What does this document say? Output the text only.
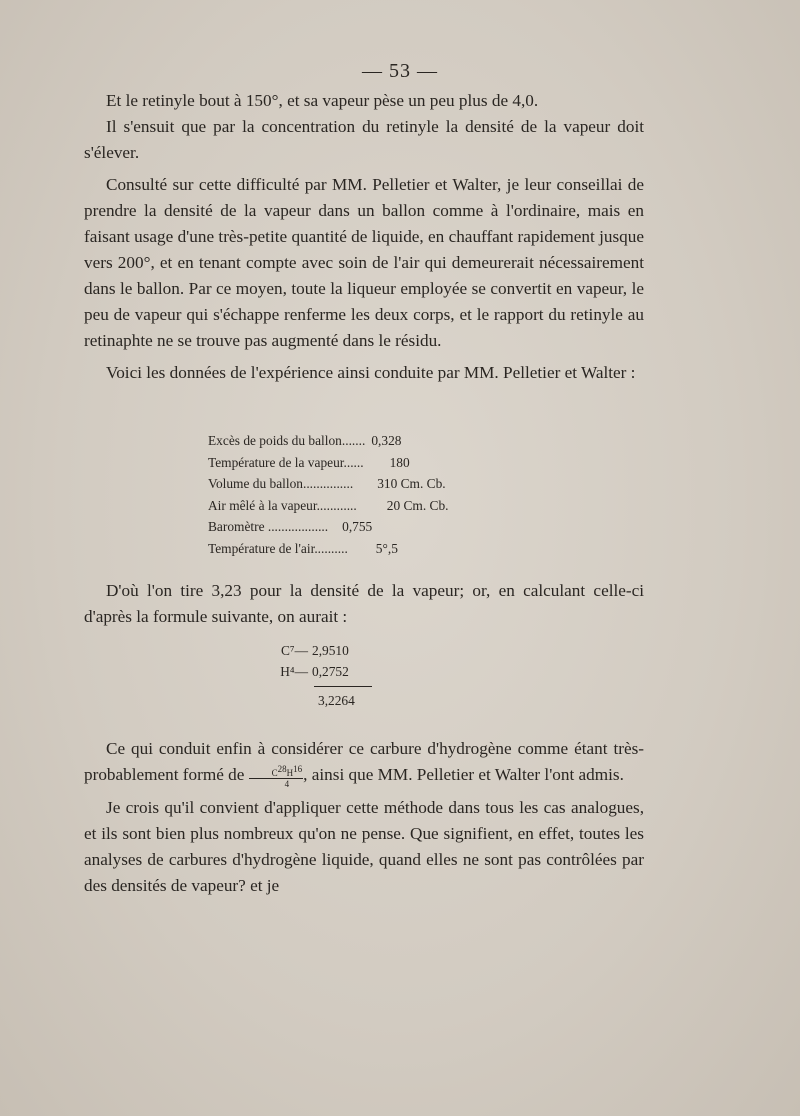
— 53 —

Et le retinyle bout à 150°, et sa vapeur pèse un peu plus de 4,0.

Il s'ensuit que par la concentration du retinyle la densité de la vapeur doit s'élever.

Consulté sur cette difficulté par MM. Pelletier et Walter, je leur conseillai de prendre la densité de la vapeur dans un ballon comme à l'ordinaire, mais en faisant usage d'une très-petite quantité de liquide, en chauffant rapidement jusque vers 200°, et en tenant compte avec soin de l'air qui demeurerait nécessairement dans le ballon. Par ce moyen, toute la liqueur employée se convertit en vapeur, le peu de vapeur qui s'échappe renferme les deux corps, et le rapport du retinyle au retinaphte ne se trouve pas augmenté dans le résidu.

Voici les données de l'expérience ainsi conduite par MM. Pelletier et Walter :

Excès de poids du ballon....... 0,328
Température de la vapeur...... 180
Volume du ballon............... 310 Cm. Cb.
Air mêlé à la vapeur............ 20 Cm. Cb.
Baromètre .................. 0,755
Température de l'air.......... 5°,5

D'où l'on tire 3,23 pour la densité de la vapeur; or, en calculant celle-ci d'après la formule suivante, on aurait :

C⁷— 2,9510
H⁴— 0,2752
3,2264

Ce qui conduit enfin à considérer ce carbure d'hydrogène comme étant très-probablement formé de $\frac{C^{28}H^{16}}{4}$ , ainsi que MM. Pelletier et Walter l'ont admis.

Je crois qu'il convient d'appliquer cette méthode dans tous les cas analogues, et ils sont bien plus nombreux qu'on ne pense. Que signifient, en effet, toutes les analyses de carbures d'hydrogène liquide, quand elles ne sont pas contrôlées par des densités de vapeur? et je
